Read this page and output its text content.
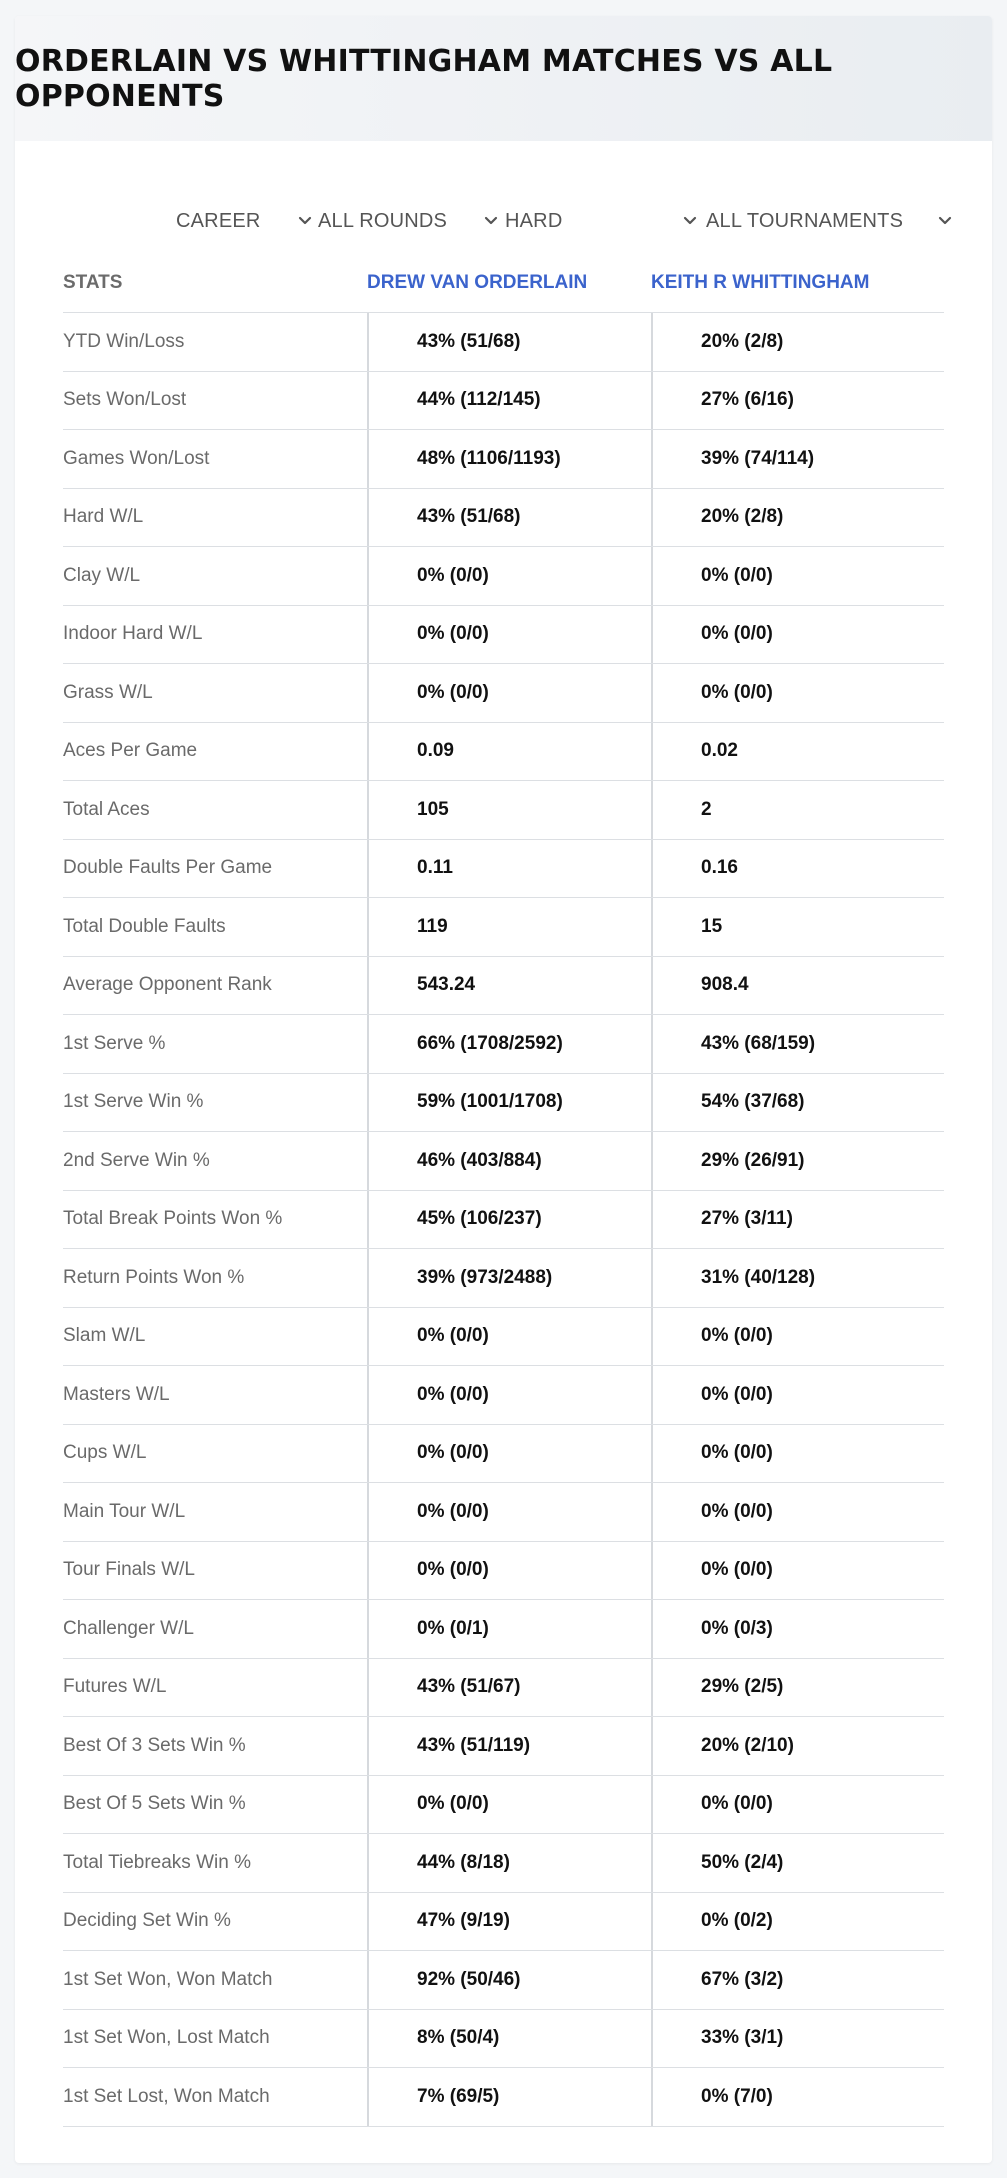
ORDERLAIN VS WHITTINGHAM MATCHES VS ALL OPPONENTS
CAREER	ALL ROUNDS	HARD	ALL TOURNAMENTS
STATS	DREW VAN ORDERLAIN	KEITH R WHITTINGHAM
YTD Win/Loss	43% (51/68)	20% (2/8)
Sets Won/Lost	44% (112/145)	27% (6/16)
Games Won/Lost	48% (1106/1193)	39% (74/114)
Hard W/L	43% (51/68)	20% (2/8)
Clay W/L	0% (0/0)	0% (0/0)
Indoor Hard W/L	0% (0/0)	0% (0/0)
Grass W/L	0% (0/0)	0% (0/0)
Aces Per Game	0.09	0.02
Total Aces	105	2
Double Faults Per Game	0.11	0.16
Total Double Faults	119	15
Average Opponent Rank	543.24	908.4
1st Serve %	66% (1708/2592)	43% (68/159)
1st Serve Win %	59% (1001/1708)	54% (37/68)
2nd Serve Win %	46% (403/884)	29% (26/91)
Total Break Points Won %	45% (106/237)	27% (3/11)
Return Points Won %	39% (973/2488)	31% (40/128)
Slam W/L	0% (0/0)	0% (0/0)
Masters W/L	0% (0/0)	0% (0/0)
Cups W/L	0% (0/0)	0% (0/0)
Main Tour W/L	0% (0/0)	0% (0/0)
Tour Finals W/L	0% (0/0)	0% (0/0)
Challenger W/L	0% (0/1)	0% (0/3)
Futures W/L	43% (51/67)	29% (2/5)
Best Of 3 Sets Win %	43% (51/119)	20% (2/10)
Best Of 5 Sets Win %	0% (0/0)	0% (0/0)
Total Tiebreaks Win %	44% (8/18)	50% (2/4)
Deciding Set Win %	47% (9/19)	0% (0/2)
1st Set Won, Won Match	92% (50/46)	67% (3/2)
1st Set Won, Lost Match	8% (50/4)	33% (3/1)
1st Set Lost, Won Match	7% (69/5)	0% (7/0)
